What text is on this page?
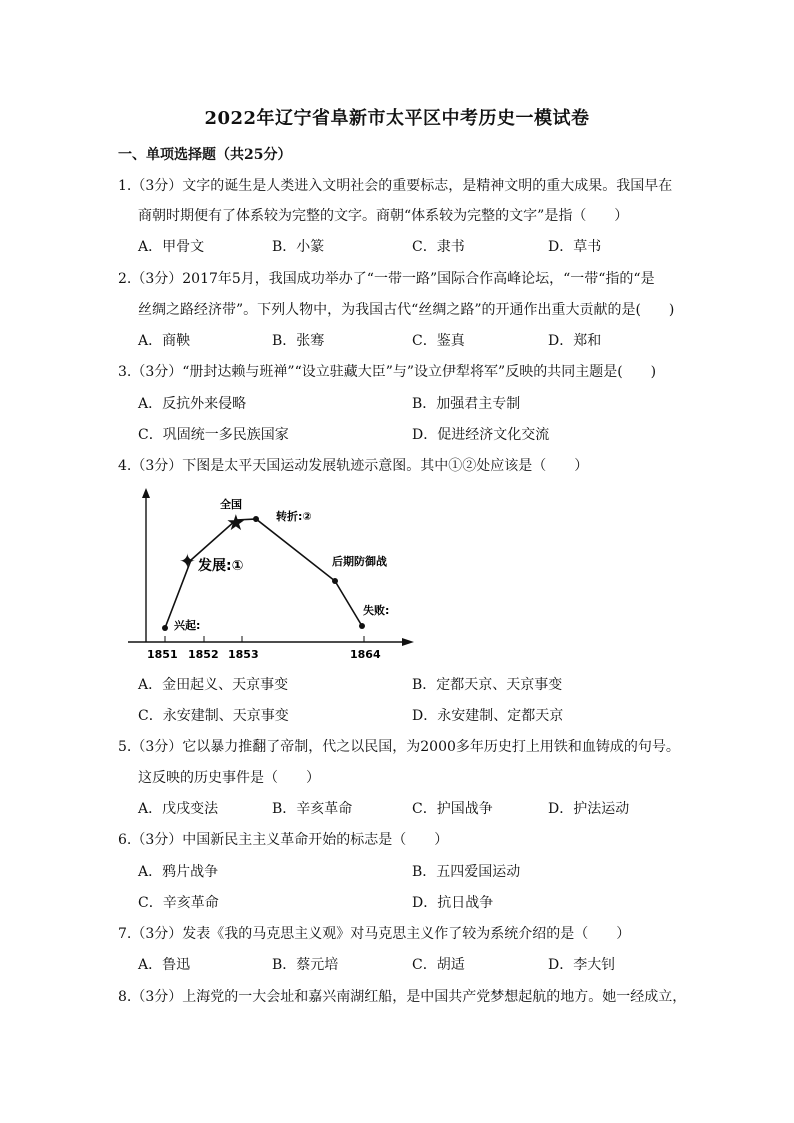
2022年辽宁省阜新市太平区中考历史一模试卷
一、单项选择题（共25分）
1.（3分）文字的诞生是人类进入文明社会的重要标志，是精神文明的重大成果。我国早在
商朝时期便有了体系较为完整的文字。商朝“体系较为完整的文字”是指（　　）
A．甲骨文	B．小篆	C．隶书	D．草书
2.（3分）2017年5月，我国成功举办了“一带一路”国际合作高峰论坛，“一带“指的“是
丝绸之路经济带”。下列人物中，为我国古代“丝绸之路”的开通作出重大贡献的是(　　)
A．商鞅	B．张骞	C．鉴真	D．郑和
3.（3分）“册封达赖与班禅”“设立驻藏大臣”与”设立伊犁将军”反映的共同主题是(　　)
A．反抗外来侵略	B．加强君主专制
C．巩固统一多民族国家	D．促进经济文化交流
4.（3分）下图是太平天国运动发展轨迹示意图。其中①②处应该是（　　）
★
✦
全国
转折:②
发展:①	后期防御战
兴起:
失败:
1851 1852 1853	1864
A．金田起义、天京事变	B．定都天京、天京事变
C．永安建制、天京事变	D．永安建制、定都天京
5.（3分）它以暴力推翻了帝制，代之以民国，为2000多年历史打上用铁和血铸成的句号。
这反映的历史事件是（　　）
A．戊戌变法	B．辛亥革命	C．护国战争	D．护法运动
6.（3分）中国新民主主义革命开始的标志是（　　）
A．鸦片战争	B．五四爱国运动
C．辛亥革命	D．抗日战争
7.（3分）发表《我的马克思主义观》对马克思主义作了较为系统介绍的是（　　）
A．鲁迅	B．蔡元培	C．胡适	D．李大钊
8.（3分）上海党的一大会址和嘉兴南湖红船，是中国共产党梦想起航的地方。她一经成立，
